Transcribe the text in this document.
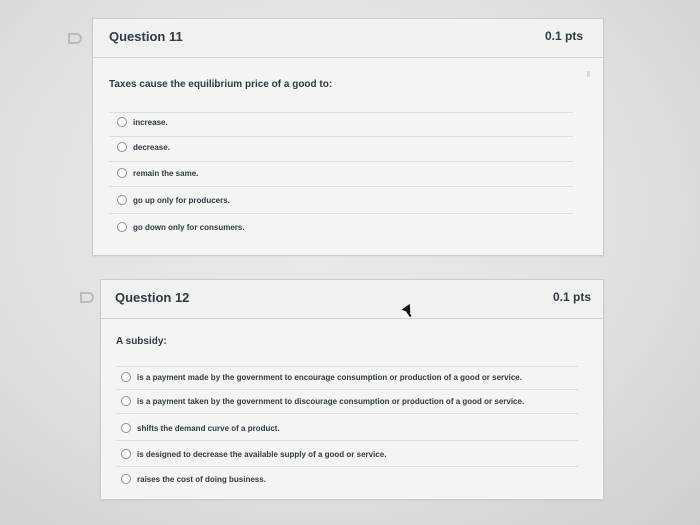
Question 11	0.1 pts
Taxes cause the equilibrium price of a good to:
increase.
decrease.
remain the same.
go up only for producers.
go down only for consumers.
Question 12	0.1 pts
A subsidy:
is a payment made by the government to encourage consumption or production of a good or service.
is a payment taken by the government to discourage consumption or production of a good or service.
shifts the demand curve of a product.
is designed to decrease the available supply of a good or service.
raises the cost of doing business.
